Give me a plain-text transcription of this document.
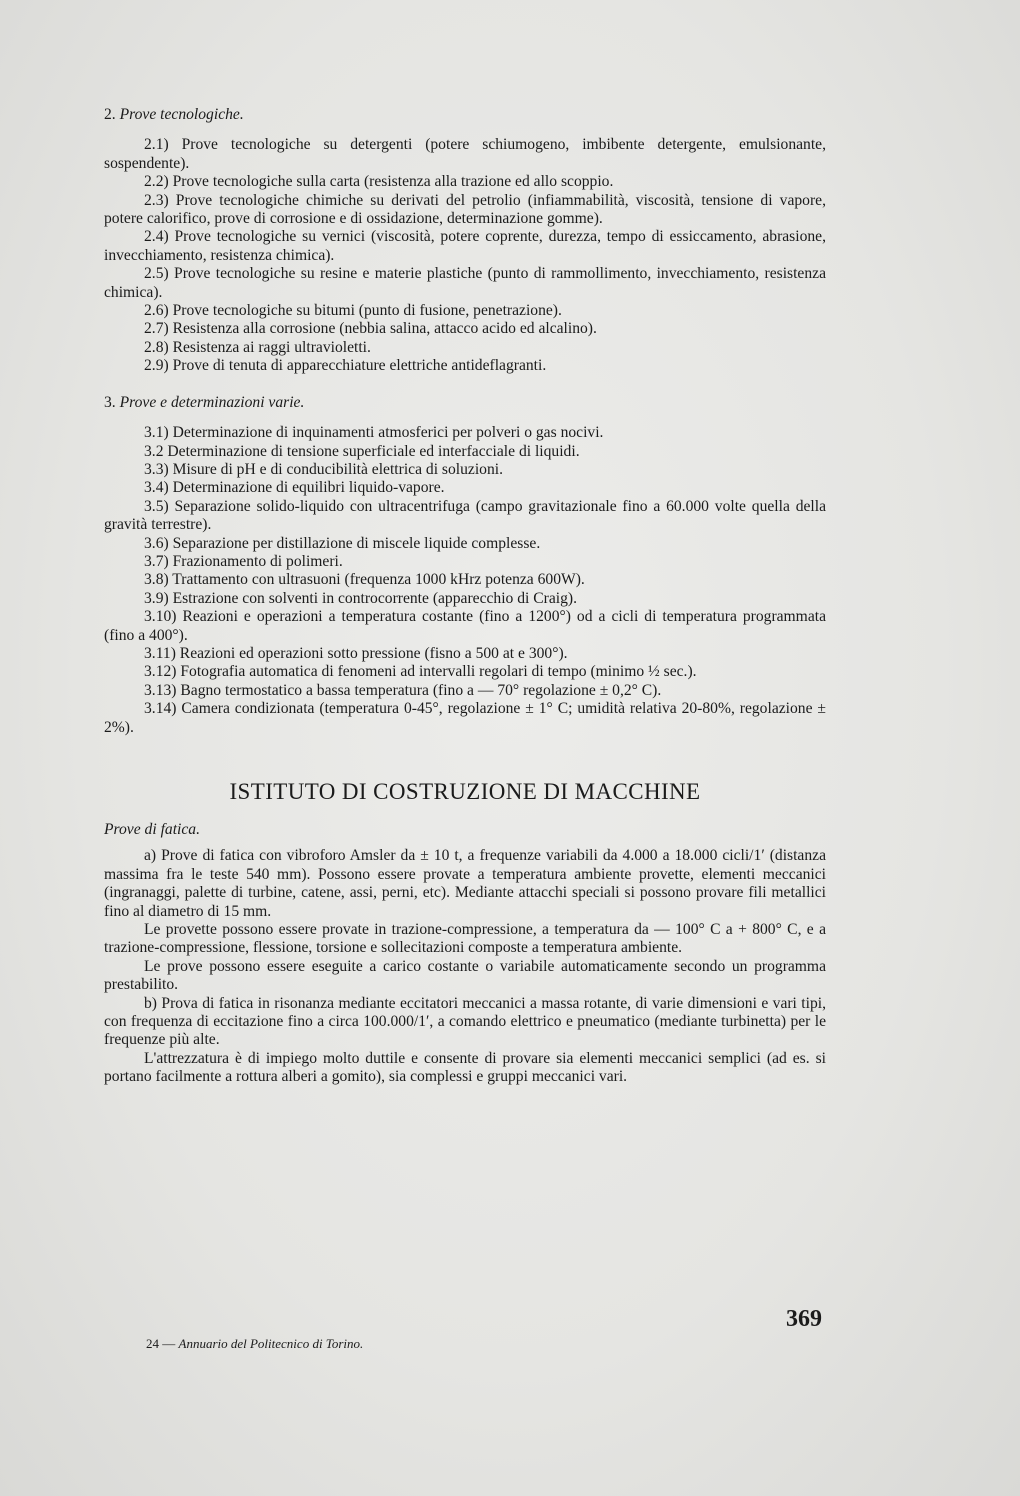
2. Prove tecnologiche.

2.1) Prove tecnologiche su detergenti (potere schiumogeno, imbibente detergente, emulsionante, sospendente).

2.2) Prove tecnologiche sulla carta (resistenza alla trazione ed allo scoppio.

2.3) Prove tecnologiche chimiche su derivati del petrolio (infiammabilità, viscosità, tensione di vapore, potere calorifico, prove di corrosione e di ossidazione, determinazione gomme).

2.4) Prove tecnologiche su vernici (viscosità, potere coprente, durezza, tempo di essiccamento, abrasione, invecchiamento, resistenza chimica).

2.5) Prove tecnologiche su resine e materie plastiche (punto di rammollimento, invecchiamento, resistenza chimica).

2.6) Prove tecnologiche su bitumi (punto di fusione, penetrazione).

2.7) Resistenza alla corrosione (nebbia salina, attacco acido ed alcalino).

2.8) Resistenza ai raggi ultravioletti.

2.9) Prove di tenuta di apparecchiature elettriche antideflagranti.

3. Prove e determinazioni varie.

3.1) Determinazione di inquinamenti atmosferici per polveri o gas nocivi.

3.2 Determinazione di tensione superficiale ed interfacciale di liquidi.

3.3) Misure di pH e di conducibilità elettrica di soluzioni.

3.4) Determinazione di equilibri liquido-vapore.

3.5) Separazione solido-liquido con ultracentrifuga (campo gravitazionale fino a 60.000 volte quella della gravità terrestre).

3.6) Separazione per distillazione di miscele liquide complesse.

3.7) Frazionamento di polimeri.

3.8) Trattamento con ultrasuoni (frequenza 1000 kHrz potenza 600W).

3.9) Estrazione con solventi in controcorrente (apparecchio di Craig).

3.10) Reazioni e operazioni a temperatura costante (fino a 1200°) od a cicli di temperatura programmata (fino a 400°).

3.11) Reazioni ed operazioni sotto pressione (fisno a 500 at e 300°).

3.12) Fotografia automatica di fenomeni ad intervalli regolari di tempo (minimo ½ sec.).

3.13) Bagno termostatico a bassa temperatura (fino a — 70° regolazione ± 0,2° C).

3.14) Camera condizionata (temperatura 0-45°, regolazione ± 1° C; umidità relativa 20-80%, regolazione ± 2%).

ISTITUTO DI COSTRUZIONE DI MACCHINE
Prove di fatica.

a) Prove di fatica con vibroforo Amsler da ± 10 t, a frequenze variabili da 4.000 a 18.000 cicli/1′ (distanza massima fra le teste 540 mm). Possono essere provate a temperatura ambiente provette, elementi meccanici (ingranaggi, palette di turbine, catene, assi, perni, etc). Mediante attacchi speciali si possono provare fili metallici fino al diametro di 15 mm.

Le provette possono essere provate in trazione-compressione, a temperatura da — 100° C a + 800° C, e a trazione-compressione, flessione, torsione e sollecitazioni composte a temperatura ambiente.

Le prove possono essere eseguite a carico costante o variabile automaticamente secondo un programma prestabilito.

b) Prova di fatica in risonanza mediante eccitatori meccanici a massa rotante, di varie dimensioni e vari tipi, con frequenza di eccitazione fino a circa 100.000/1′, a comando elettrico e pneumatico (mediante turbinetta) per le frequenze più alte.

L'attrezzatura è di impiego molto duttile e consente di provare sia elementi meccanici semplici (ad es. si portano facilmente a rottura alberi a gomito), sia complessi e gruppi meccanici vari.

369
24 — Annuario del Politecnico di Torino.
